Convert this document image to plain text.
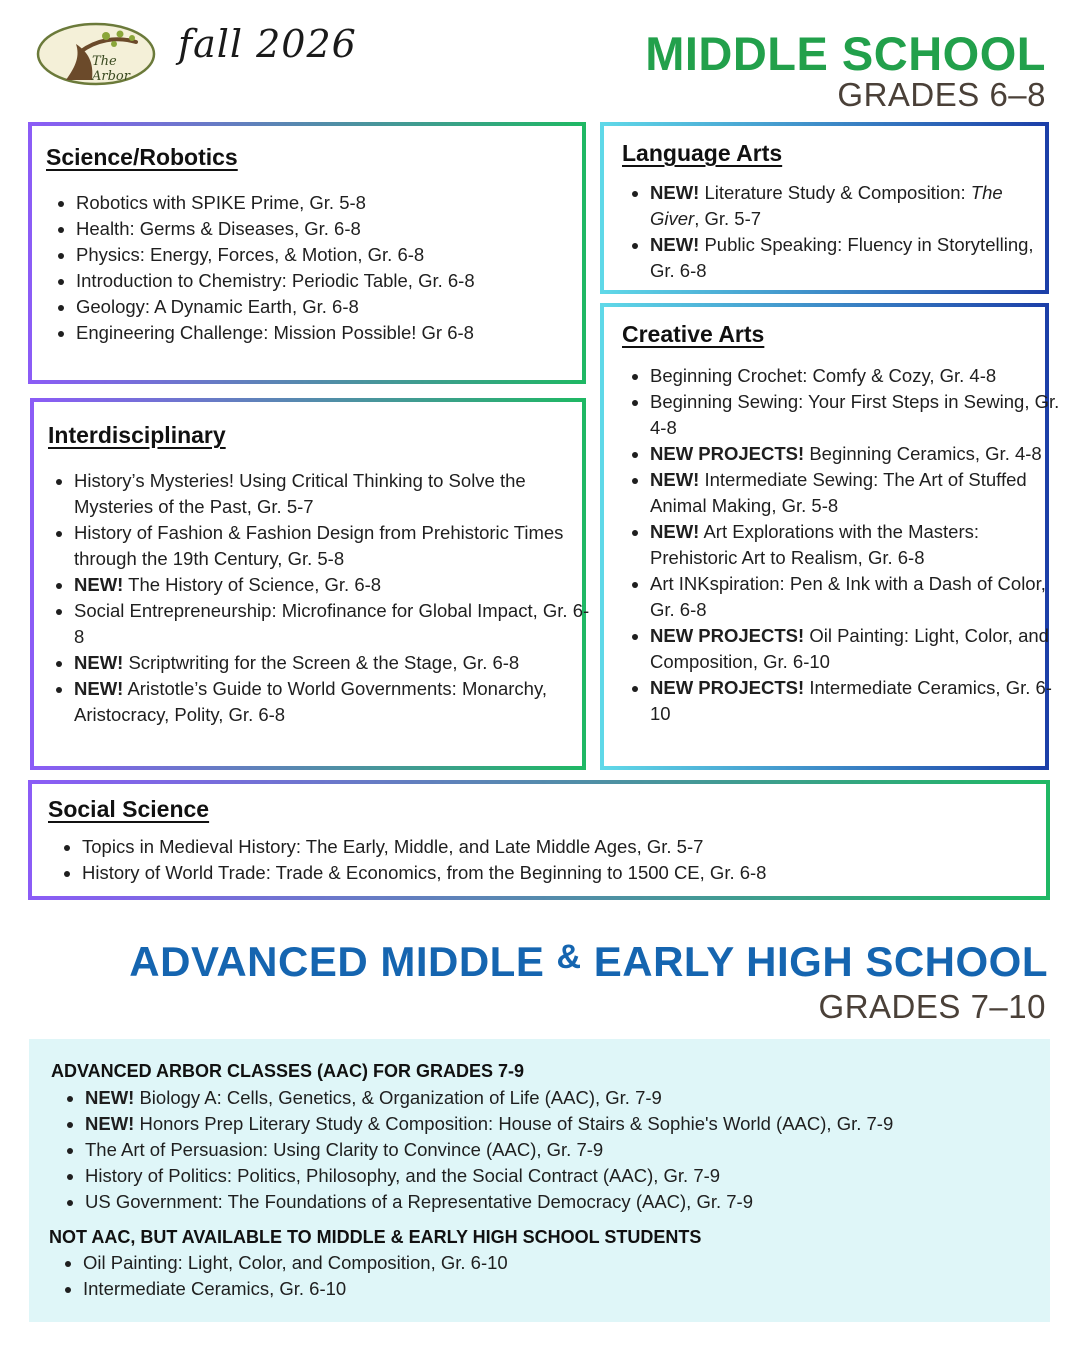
The Arbor
fall 2026	MIDDLE SCHOOL
GRADES 6–8
Science/Robotics
• Robotics with SPIKE Prime, Gr. 5-8
• Health: Germs & Diseases, Gr. 6-8
• Physics: Energy, Forces, & Motion, Gr. 6-8
• Introduction to Chemistry: Periodic Table, Gr. 6-8
• Geology: A Dynamic Earth, Gr. 6-8
• Engineering Challenge: Mission Possible! Gr 6-8
Language Arts
• NEW! Literature Study & Composition: The Giver, Gr. 5-7
• NEW! Public Speaking: Fluency in Storytelling, Gr. 6-8
Interdisciplinary
• History’s Mysteries! Using Critical Thinking to Solve the Mysteries of the Past, Gr. 5-7
• History of Fashion & Fashion Design from Prehistoric Times through the 19th Century, Gr. 5-8
• NEW! The History of Science, Gr. 6-8
• Social Entrepreneurship: Microfinance for Global Impact, Gr. 6-8
• NEW! Scriptwriting for the Screen & the Stage, Gr. 6-8
• NEW! Aristotle’s Guide to World Governments: Monarchy, Aristocracy, Polity, Gr. 6-8
Creative Arts
• Beginning Crochet: Comfy & Cozy, Gr. 4-8
• Beginning Sewing: Your First Steps in Sewing, Gr. 4-8
• NEW PROJECTS! Beginning Ceramics, Gr. 4-8
• NEW! Intermediate Sewing: The Art of Stuffed Animal Making, Gr. 5-8
• NEW! Art Explorations with the Masters: Prehistoric Art to Realism, Gr. 6-8
• Art INKspiration: Pen & Ink with a Dash of Color, Gr. 6-8
• NEW PROJECTS! Oil Painting: Light, Color, and Composition, Gr. 6-10
• NEW PROJECTS! Intermediate Ceramics, Gr. 6-10
Social Science
• Topics in Medieval History: The Early, Middle, and Late Middle Ages, Gr. 5-7
• History of World Trade: Trade & Economics, from the Beginning to 1500 CE, Gr. 6-8
ADVANCED MIDDLE & EARLY HIGH SCHOOL
GRADES 7–10
ADVANCED ARBOR CLASSES (AAC) FOR GRADES 7-9
• NEW! Biology A: Cells, Genetics, & Organization of Life (AAC), Gr. 7-9
• NEW! Honors Prep Literary Study & Composition: House of Stairs & Sophie's World (AAC), Gr. 7-9
• The Art of Persuasion: Using Clarity to Convince (AAC), Gr. 7-9
• History of Politics: Politics, Philosophy, and the Social Contract (AAC), Gr. 7-9
• US Government: The Foundations of a Representative Democracy (AAC), Gr. 7-9
NOT AAC, BUT AVAILABLE TO MIDDLE & EARLY HIGH SCHOOL STUDENTS
• Oil Painting: Light, Color, and Composition, Gr. 6-10
• Intermediate Ceramics, Gr. 6-10
